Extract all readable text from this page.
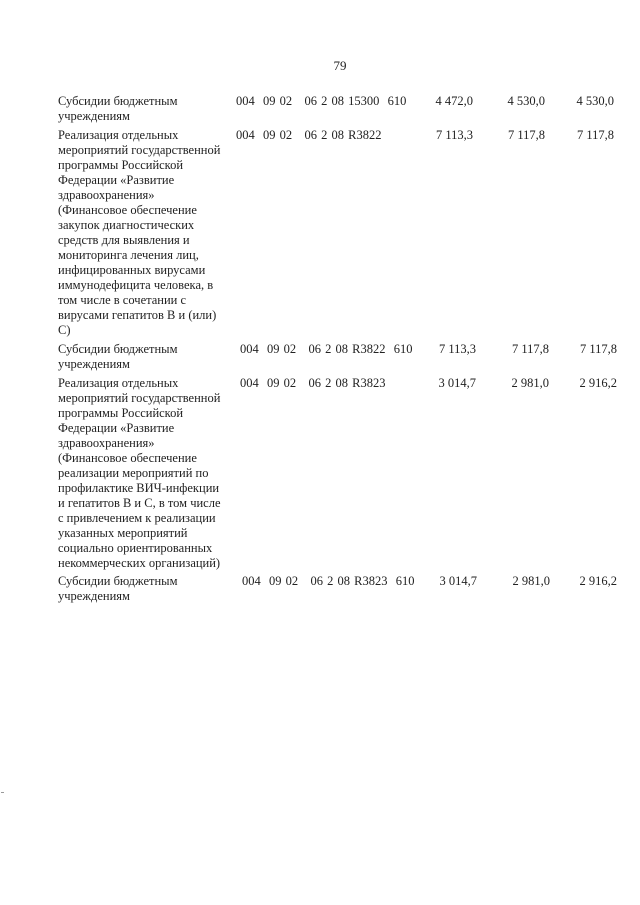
79
Субсидии бюджетным
учреждениям
004  09 02   06 2 08 15300  610	4 472,0	4 530,0	4 530,0
Реализация отдельных
мероприятий государственной
программы Российской
Федерации «Развитие
здравоохранения»
(Финансовое обеспечение
закупок диагностических
средств для выявления и
мониторинга лечения лиц,
инфицированных вирусами
иммунодефицита человека, в
том числе в сочетании с
вирусами гепатитов В и (или)
С)
004  09 02   06 2 08 R3822	7 113,3	7 117,8	7 117,8
Субсидии бюджетным
учреждениям
004  09 02   06 2 08 R3822  610	7 113,3	7 117,8	7 117,8
Реализация отдельных
мероприятий государственной
программы Российской
Федерации «Развитие
здравоохранения»
(Финансовое обеспечение
реализации мероприятий по
профилактике ВИЧ-инфекции
и гепатитов В и С, в том числе
с привлечением к реализации
указанных мероприятий
социально ориентированных
некоммерческих организаций)
004  09 02   06 2 08 R3823	3 014,7	2 981,0	2 916,2
Субсидии бюджетным
учреждениям
004  09 02   06 2 08 R3823  610	3 014,7	2 981,0	2 916,2
